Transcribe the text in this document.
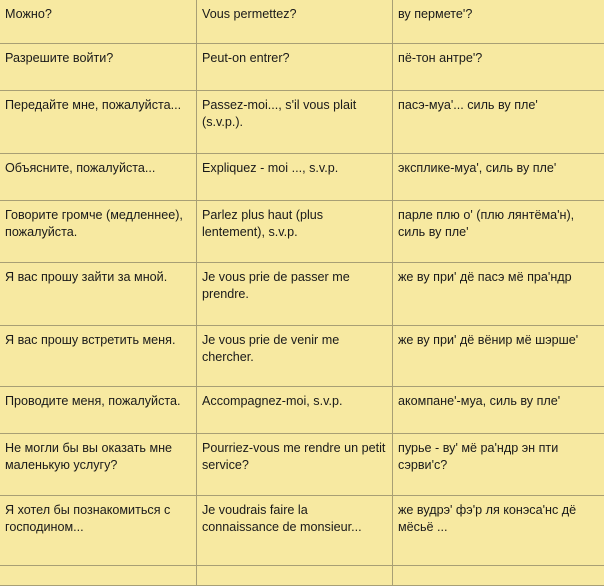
Можно?	Vous permettez?	ву пермете'?
Разрешите войти?	Peut-on entrer?	пё-тон антре'?
Передайте мне, пожалуйста...	Passez-moi..., s'il vous plait (s.v.p.).	пасэ-муа'... силь ву пле'
Объясните, пожалуйста...	Expliquez - moi ..., s.v.p.	эксплике-муа', силь ву пле'
Говорите громче (медленнее), пожалуйста.	Parlez plus haut (plus lentement), s.v.p.	парле плю о' (плю лянтёма'н), силь ву пле'
Я вас прошу зайти за мной.	Je vous prie de passer me prendre.	же ву при' дё пасэ мё пра'ндр
Я вас прошу встретить меня.	Je vous prie de venir me chercher.	же ву при' дё вёнир мё шэрше'
Проводите меня, пожалуйста.	Accompagnez-moi, s.v.p.	акомпане'-муа, силь ву пле'
Не могли бы вы оказать мне маленькую услугу?	Pourriez-vous me rendre un petit service?	пурье - ву' мё ра'ндр эн пти сэрви'с?
Я хотел бы познакомиться с господином...	Je voudrais faire la connaissance de monsieur...	же вудрэ' фэ'р ля конэса'нс дё мёсьё ...
